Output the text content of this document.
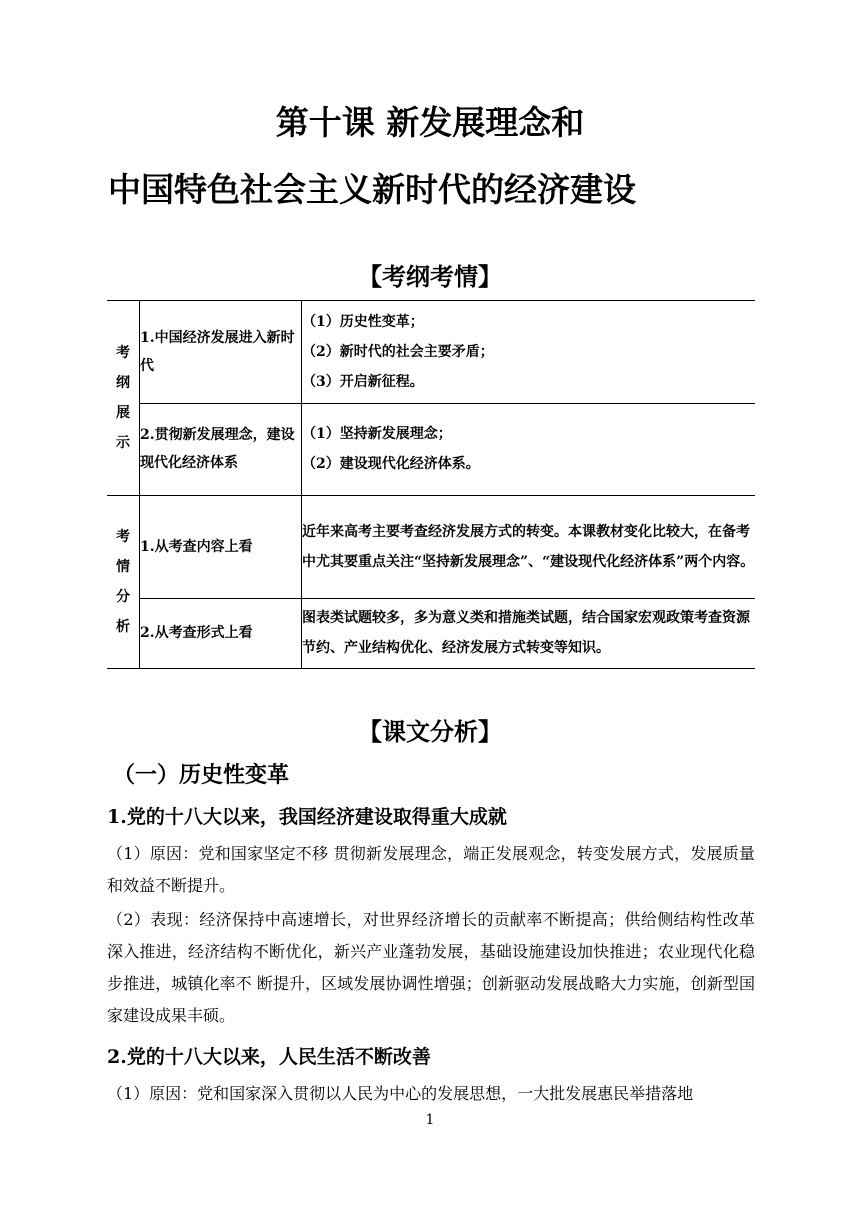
第十课 新发展理念和
中国特色社会主义新时代的经济建设
【考纲考情】
考纲展示	1.中国经济发展进入新时代	（1）历史性变革；
（2）新时代的社会主要矛盾；
（3）开启新征程。

	2.贯彻新发展理念，建设现代化经济体系	（1）坚持新发展理念；
（2）建设现代化经济体系。

考情分析	1.从考查内容上看	近年来高考主要考查经济发展方式的转变。本课教材变化比较大，在备考中尤其要重点关注“坚持新发展理念”、“建设现代化经济体系”两个内容。
	2.从考查形式上看	图表类试题较多，多为意义类和措施类试题，结合国家宏观政策考查资源节约、产业结构优化、经济发展方式转变等知识。
【课文分析】
（一）历史性变革
1.党的十八大以来，我国经济建设取得重大成就
（1）原因：党和国家坚定不移 贯彻新发展理念，端正发展观念，转变发展方式，发展质量和效益不断提升。
（2）表现：经济保持中高速增长，对世界经济增长的贡献率不断提高；供给侧结构性改革深入推进，经济结构不断优化，新兴产业蓬勃发展，基础设施建设加快推进；农业现代化稳步推进，城镇化率不 断提升，区域发展协调性增强；创新驱动发展战略大力实施，创新型国家建设成果丰硕。
2.党的十八大以来，人民生活不断改善
（1）原因：党和国家深入贯彻以人民为中心的发展思想，一大批发展惠民举措落地
1
